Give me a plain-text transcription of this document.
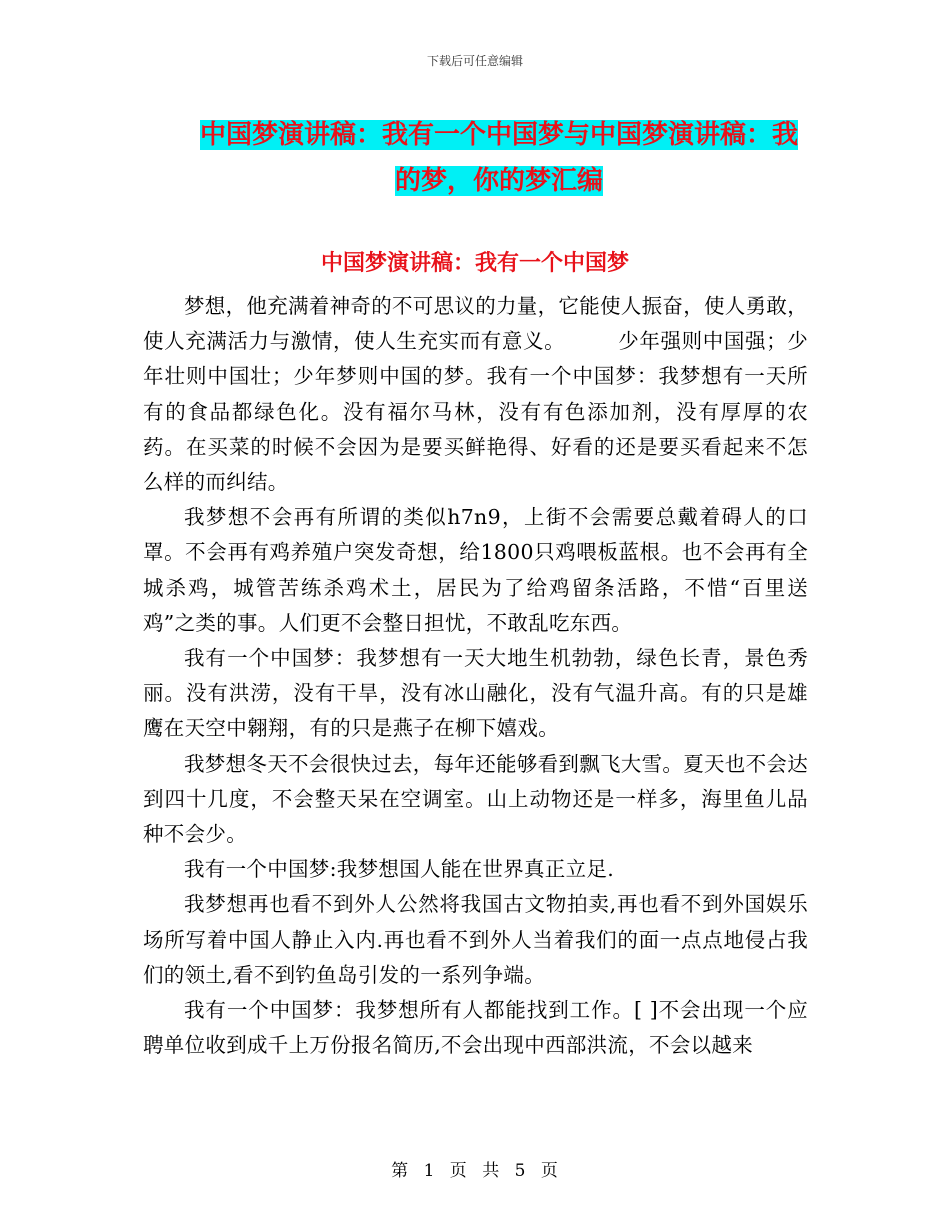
下载后可任意编辑
中国梦演讲稿：我有一个中国梦与中国梦演讲稿：我的梦，你的梦汇编
中国梦演讲稿：我有一个中国梦

梦想，他充满着神奇的不可思议的力量，它能使人振奋，使人勇敢，使人充满活力与激情，使人生充实而有意义。　　　少年强则中国强；少年壮则中国壮；少年梦则中国的梦。我有一个中国梦：我梦想有一天所有的食品都绿色化。没有福尔马林，没有有色添加剂，没有厚厚的农药。在买菜的时候不会因为是要买鲜艳得、好看的还是要买看起来不怎么样的而纠结。

我梦想不会再有所谓的类似h7n9，上街不会需要总戴着碍人的口罩。不会再有鸡养殖户突发奇想，给1800只鸡喂板蓝根。也不会再有全城杀鸡，城管苦练杀鸡术土，居民为了给鸡留条活路，不惜“百里送鸡”之类的事。人们更不会整日担忧，不敢乱吃东西。

我有一个中国梦：我梦想有一天大地生机勃勃，绿色长青，景色秀丽。没有洪涝，没有干旱，没有冰山融化，没有气温升高。有的只是雄鹰在天空中翱翔，有的只是燕子在柳下嬉戏。

我梦想冬天不会很快过去，每年还能够看到飘飞大雪。夏天也不会达到四十几度，不会整天呆在空调室。山上动物还是一样多，海里鱼儿品种不会少。

我有一个中国梦:我梦想国人能在世界真正立足.

我梦想再也看不到外人公然将我国古文物拍卖,再也看不到外国娱乐场所写着中国人静止入内.再也看不到外人当着我们的面一点点地侵占我们的领土,看不到钓鱼岛引发的一系列争端。

我有一个中国梦：我梦想所有人都能找到工作。[ ]不会出现一个应聘单位收到成千上万份报名简历,不会出现中西部洪流，不会以越来

第 1 页 共 5 页
